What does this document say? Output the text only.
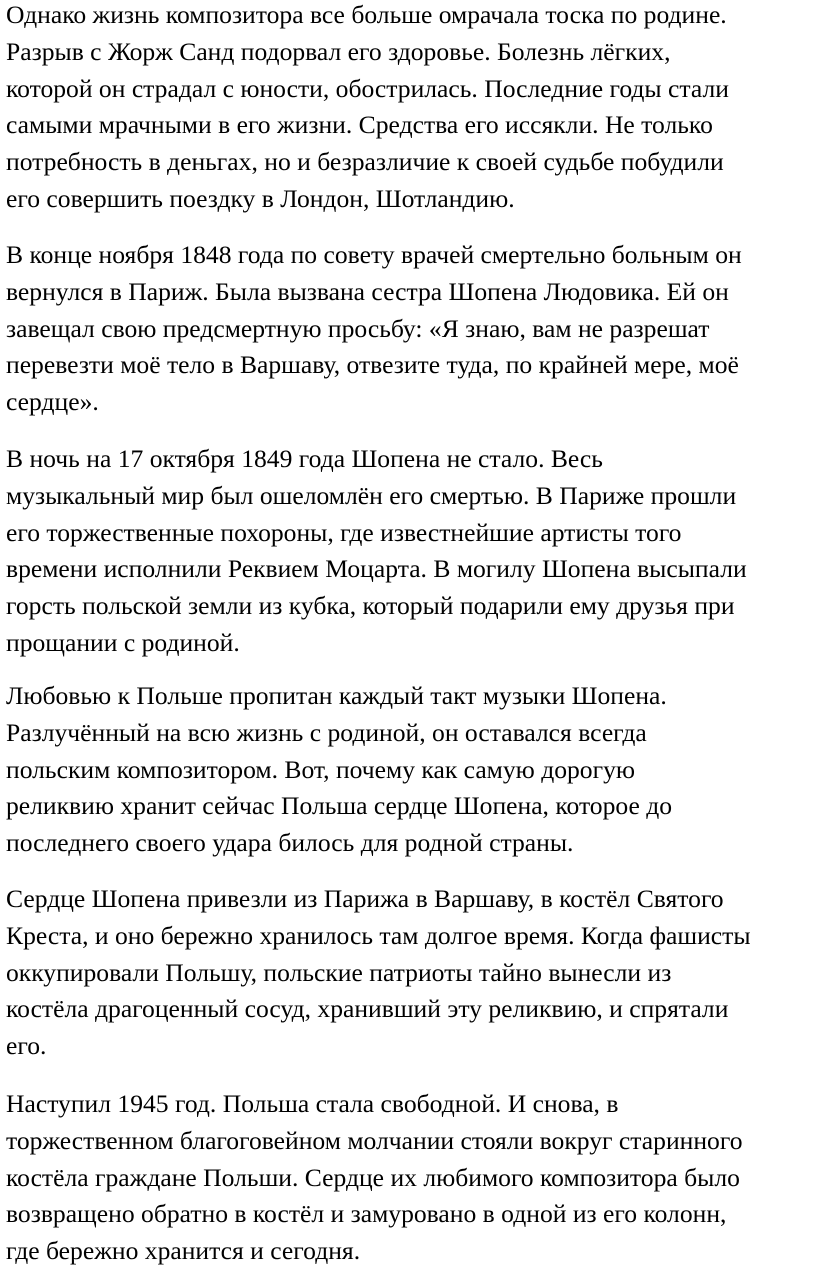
Однако жизнь композитора все больше омрачала тоска по родине.
Разрыв с Жорж Санд подорвал его здоровье. Болезнь лёгких,
которой он страдал с юности, обострилась. Последние годы стали
самыми мрачными в его жизни. Средства его иссякли. Не только
потребность в деньгах, но и безразличие к своей судьбе побудили
его совершить поездку в Лондон, Шотландию.

В конце ноября 1848 года по совету врачей смертельно больным он
вернулся в Париж. Была вызвана сестра Шопена Людовика. Ей он
завещал свою предсмертную просьбу: «Я знаю, вам не разрешат
перевезти моё тело в Варшаву, отвезите туда, по крайней мере, моё
сердце».

В ночь на 17 октября 1849 года Шопена не стало. Весь
музыкальный мир был ошеломлён его смертью. В Париже прошли
его торжественные похороны, где известнейшие артисты того
времени исполнили Реквием Моцарта. В могилу Шопена высыпали
горсть польской земли из кубка, который подарили ему друзья при
прощании с родиной.

Любовью к Польше пропитан каждый такт музыки Шопена.
Разлучённый на всю жизнь с родиной, он оставался всегда
польским композитором. Вот, почему как самую дорогую
реликвию хранит сейчас Польша сердце Шопена, которое до
последнего своего удара билось для родной страны.

Сердце Шопена привезли из Парижа в Варшаву, в костёл Святого
Креста, и оно бережно хранилось там долгое время. Когда фашисты
оккупировали Польшу, польские патриоты тайно вынесли из
костёла драгоценный сосуд, хранивший эту реликвию, и спрятали
его.

Наступил 1945 год. Польша стала свободной. И снова, в
торжественном благоговейном молчании стояли вокруг старинного
костёла граждане Польши. Сердце их любимого композитора было
возвращено обратно в костёл и замуровано в одной из его колонн,
где бережно хранится и сегодня.
